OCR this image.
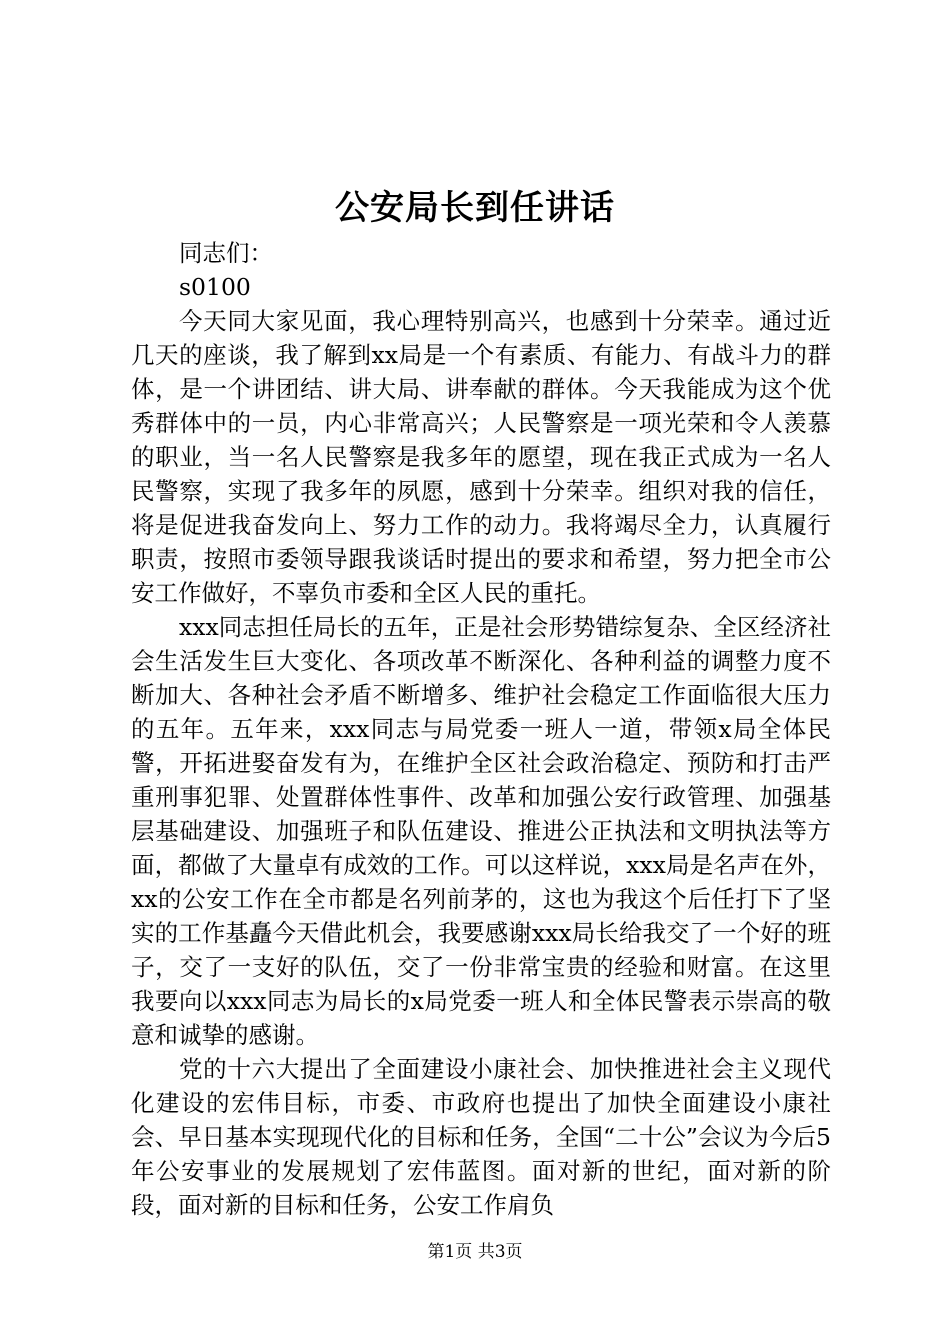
公安局长到任讲话

同志们：

s0100

今天同大家见面，我心理特别高兴，也感到十分荣幸。通过近几天的座谈，我了解到xx局是一个有素质、有能力、有战斗力的群体，是一个讲团结、讲大局、讲奉献的群体。今天我能成为这个优秀群体中的一员，内心非常高兴；人民警察是一项光荣和令人羡慕的职业，当一名人民警察是我多年的愿望，现在我正式成为一名人民警察，实现了我多年的夙愿，感到十分荣幸。组织对我的信任，将是促进我奋发向上、努力工作的动力。我将竭尽全力，认真履行职责，按照市委领导跟我谈话时提出的要求和希望，努力把全市公安工作做好，不辜负市委和全区人民的重托。

xxx同志担任局长的五年，正是社会形势错综复杂、全区经济社会生活发生巨大变化、各项改革不断深化、各种利益的调整力度不断加大、各种社会矛盾不断增多、维护社会稳定工作面临很大压力的五年。五年来，xxx同志与局党委一班人一道，带领x局全体民警，开拓进娶奋发有为，在维护全区社会政治稳定、预防和打击严重刑事犯罪、处置群体性事件、改革和加强公安行政管理、加强基层基础建设、加强班子和队伍建设、推进公正执法和文明执法等方面，都做了大量卓有成效的工作。可以这样说，xxx局是名声在外，xx的公安工作在全市都是名列前茅的，这也为我这个后任打下了坚实的工作基矗今天借此机会，我要感谢xxx局长给我交了一个好的班子，交了一支好的队伍，交了一份非常宝贵的经验和财富。在这里我要向以xxx同志为局长的x局党委一班人和全体民警表示崇高的敬意和诚挚的感谢。

党的十六大提出了全面建设小康社会、加快推进社会主义现代化建设的宏伟目标，市委、市政府也提出了加快全面建设小康社会、早日基本实现现代化的目标和任务，全国“二十公”会议为今后5年公安事业的发展规划了宏伟蓝图。面对新的世纪，面对新的阶段，面对新的目标和任务，公安工作肩负

第1页 共3页
